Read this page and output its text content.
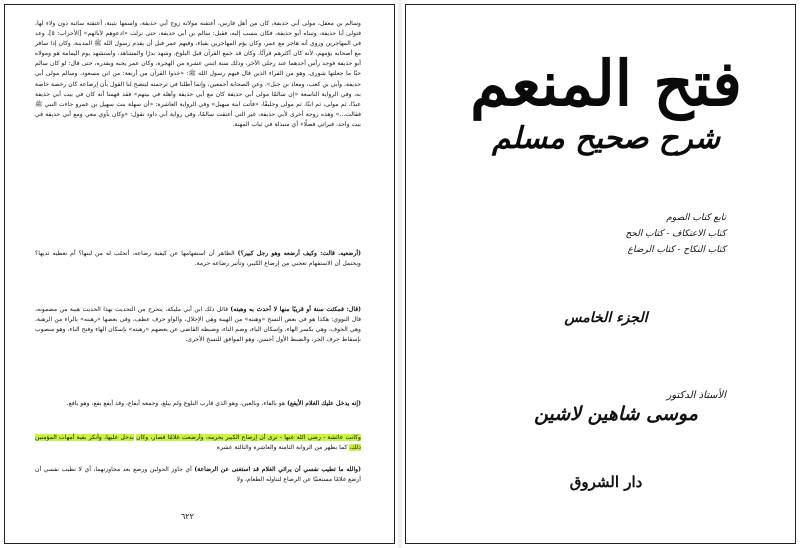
وسالم بن معقل، مولى أبي حذيفة، كان من أهل فارس، أعتقته مولاته زوج أبي حذيفة، واسمها بثينة، أعتقته سائبة دون ولاء لها، فتولى أبا حذيفة، وتبناه أبو حذيفة، فكان ينسب إليه، فقيل: سالم بن أبي حذيفة، حتى نزلت «ادعوهم لآبائهم» [الأحزاب: ٥]، وعد في المهاجرين وروي أنه هاجر مع عمر، وكان يؤم المهاجرين بقباء، وفيهم عمر قبل أن يقدم رسول الله ﷺ المدينة، وكان إذا سافر مع أصحابه يؤمهم، لأنه كان أكثرهم قرآنًا، وكان قد جمع القرآن قبل البلوغ، وشهد بدرًا والمشاهد، واستشهد يوم اليمامة هو ومولاه أبو حذيفة فوجد رأس أحدهما عند رجلي الآخر، وذلك سنة اثنتي عشرة من الهجرة، وكان عمر يحبه ويقدره، حتى قال: لو كان سالم حيًا ما جعلتها شورى. وهو من القراء الذين قال فيهم رسول الله ﷺ: «خذوا القرآن من أربعة: من ابن مسعود، وسالم مولى أبي حذيفة، وأبي بن كعب، ومعاذ بن جبل». وعن الصحابة أجمعين، وإنما أطلنا في ترجمته ليتضح لنا القول بأن إرضاعه كان رخصة خاصة به، وفي الرواية التاسعة «إن سالمًا مولى أبي حذيفة كان مع أبي حذيفة وأهله في بيتهم» فقد فهمنا أنه كان في بيت أبي حذيفة عبدًا، ثم مولى، ثم ابنًا، ثم مولى وحليفًا، «فأتت ابنة سهيل» وفي الرواية العاشرة: «أن سهلة بنت سهيل بن عمرو جاءت النبي ﷺ فقالت...» وهذه زوجة أخرى لأبي حذيفة، غير التي أعتقت سالمًا، وفي رواية أبي داود تقول: «وكان يأوي معي ومع أبي حذيفة في بيت واحد، فيراني فضلًا» أي متبذلة في ثياب المهنة.
(أرضعيه. قالت: وكيف أرضعه وهو رجل كبير؟) الظاهر أن استفهامها عن كيفية رضاعه، أتحلب له من لبنها؟ أم تعطيه ثديها؟ ويحتمل أن الاستفهام تعجبي من إرضاع الكبير، وتأثير رضاعه حرمة.
(قال: فمكثت سنة أو قريبًا منها لا أحدث به وهبته) قائل ذلك ابن أبي مليكة، يتحرج من التحديث بهذا الحديث هيبة من مضمونه، قال النووي: هكذا هو في بعض النسخ «وهبته» من الهيبة وهي الإجلال، والواو حرف عطف، وفي بعضها «رهبته» بالراء من الرهبة، وهي الخوف، وهي بكسر الهاء، وإسكان الياء، وضم التاء، وضبطه القاضي عن بعضهم «رهبته» بإسكان الهاء وفتح الباء، وهو منصوب بإسقاط حرف الجر، والضبط الأول أحسن. وهو الموافق للنسخ الأخرى.
(إنه يدخل عليك الغلام الأيفع) هو بالفاء، وبالعين، وهو الذي قارب البلوغ ولم يبلغ، وجمعه أيفاع، وقد أيفع يفع، وهو يافع.
وكانت عائشة - رضي الله عنها - ترى أن إرضاع الكبير يحرمه، وأرضعت غلامًا فصار، وكان يدخل عليها، وأنكر بقية أمهات المؤمنين ذلك، كما يظهر من الرواية الثامنة والعاشرة والثالثة عشرة
(والله ما تطيب نفسي أن يرائي الغلام قد استغنى عن الرضاعة) أي جاوز الحولين ورضع بعد مجاوزتهما، أي لا تطيب نفسي أن أرضع غلامًا مستغنيًا عن الرضاع لتناوله الطعام، ولا
٦٢٢
فتح المنعم
شرح صحيح مسلم
تابع كتاب الصوم
كتاب الاعتكاف - كتاب الحج
كتاب النكاح - كتاب الرضاع
الجزء الخامس
الأستاذ الدكتور
موسى شاهين لاشين
دار الشروق
